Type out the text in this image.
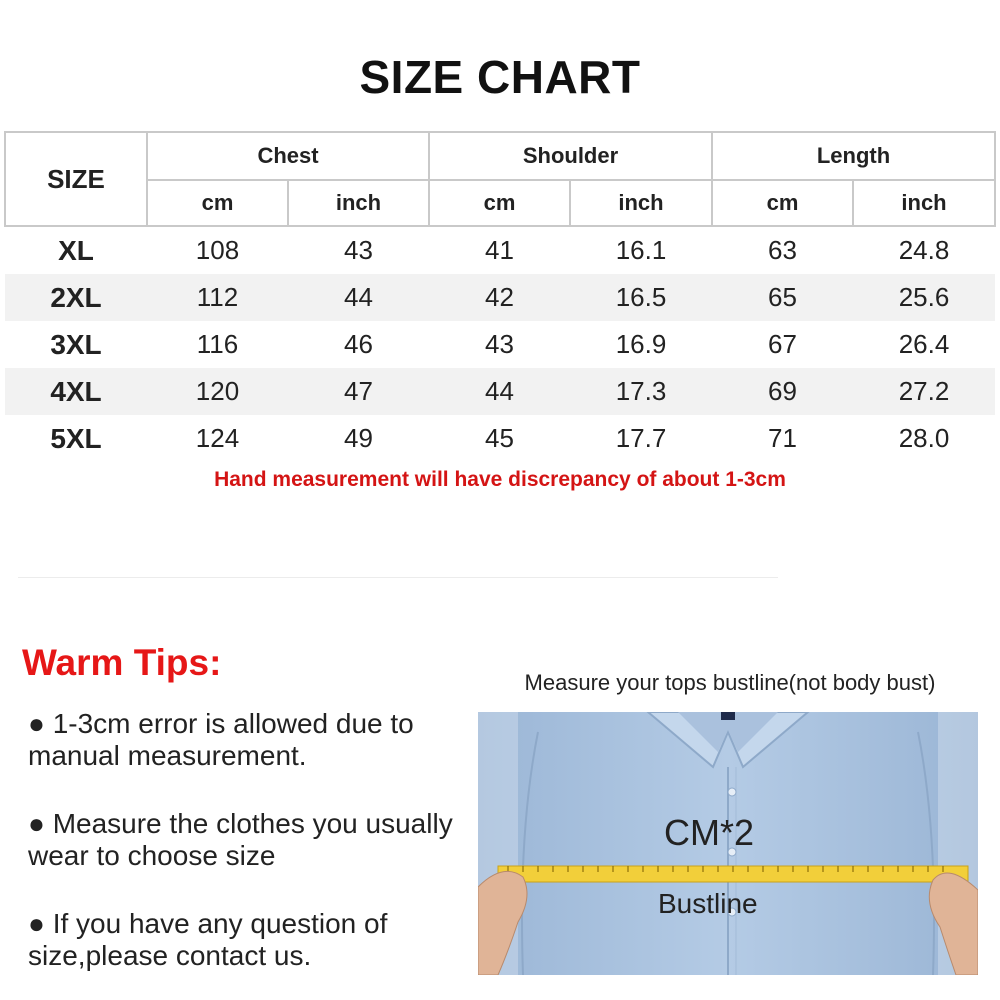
SIZE CHART
SIZE	Chest		Shoulder		Length	
	cm	inch	cm	inch	cm	inch
XL	108	43	41	16.1	63	24.8
2XL	112	44	42	16.5	65	25.6
3XL	116	46	43	16.9	67	26.4
4XL	120	47	44	17.3	69	27.2
5XL	124	49	45	17.7	71	28.0
Hand measurement will have discrepancy of about 1-3cm
Warm Tips:
● 1-3cm error is allowed due to manual measurement.
● Measure the clothes you usually wear to choose size
● If you have any question of size,please contact us.
Measure your tops bustline(not body bust)
CM*2
Bustline
